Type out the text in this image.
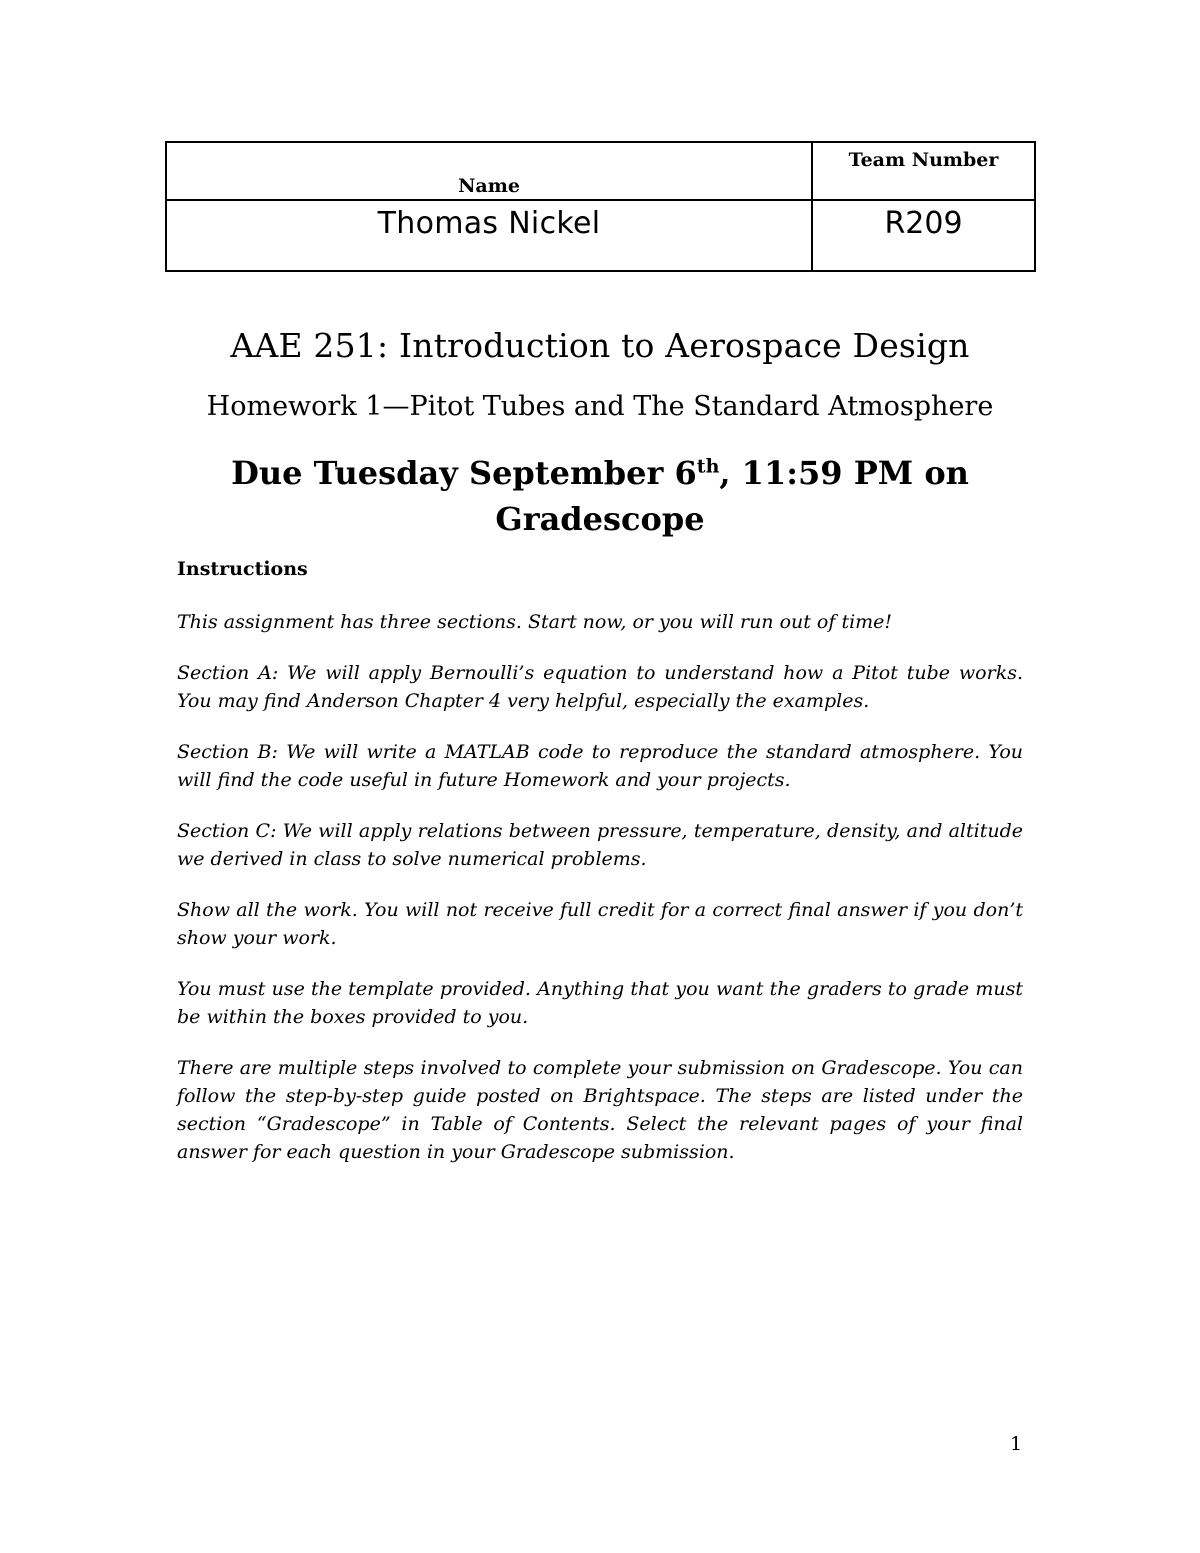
Name	Team Number
Thomas Nickel	R209
AAE 251: Introduction to Aerospace Design
Homework 1—Pitot Tubes and The Standard Atmosphere
Due Tuesday September 6th, 11:59 PM on Gradescope
Instructions
This assignment has three sections. Start now, or you will run out of time!
Section A: We will apply Bernoulli’s equation to understand how a Pitot tube works. You may find Anderson Chapter 4 very helpful, especially the examples.
Section B: We will write a MATLAB code to reproduce the standard atmosphere. You will find the code useful in future Homework and your projects.
Section C: We will apply relations between pressure, temperature, density, and altitude we derived in class to solve numerical problems.
Show all the work. You will not receive full credit for a correct final answer if you don’t show your work.
You must use the template provided. Anything that you want the graders to grade must be within the boxes provided to you.
There are multiple steps involved to complete your submission on Gradescope. You can follow the step-by-step guide posted on Brightspace. The steps are listed under the section “Gradescope” in Table of Contents. Select the relevant pages of your final answer for each question in your Gradescope submission.
1
